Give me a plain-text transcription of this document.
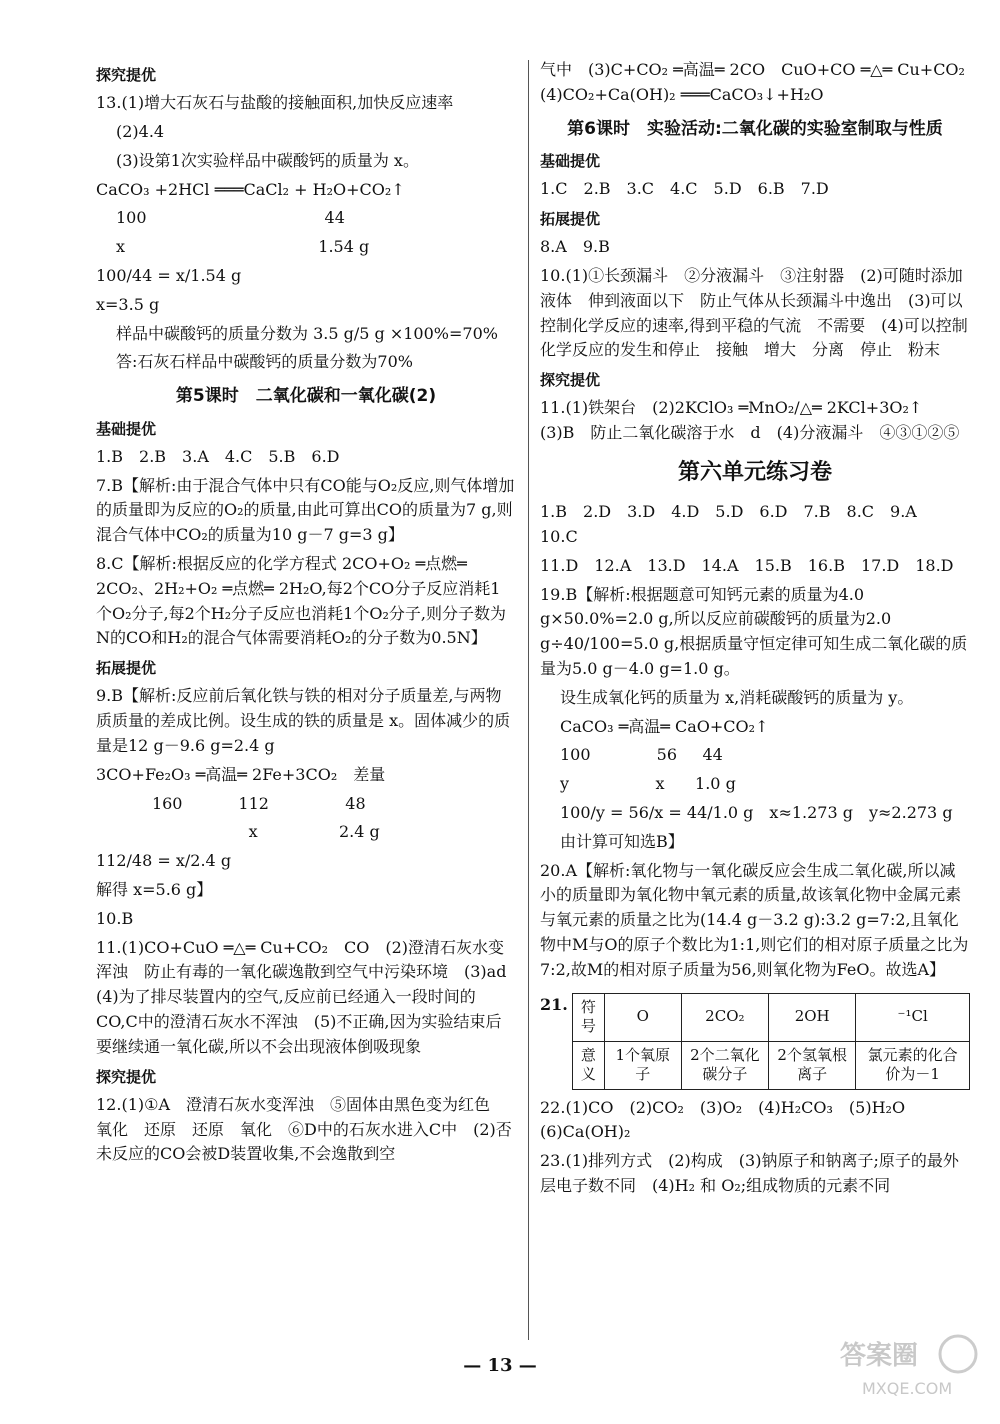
探究提优

13.(1)增大石灰石与盐酸的接触面积,加快反应速率

(2)4.4

(3)设第1次实验样品中碳酸钙的质量为 x。

CaCO₃ +2HCl ═══CaCl₂ + H₂O+CO₂↑

100                                   44

x                                      1.54 g

100/44 = x/1.54 g

x=3.5 g

样品中碳酸钙的质量分数为 3.5 g/5 g ×100%=70%

答:石灰石样品中碳酸钙的质量分数为70%

第5课时　二氧化碳和一氧化碳(2)
基础提优

1.B　2.B　3.A　4.C　5.B　6.D

7.B【解析:由于混合气体中只有CO能与O₂反应,则气体增加的质量即为反应的O₂的质量,由此可算出CO的质量为7 g,则混合气体中CO₂的质量为10 g－7 g=3 g】

8.C【解析:根据反应的化学方程式 2CO+O₂ ═点燃═ 2CO₂、2H₂+O₂ ═点燃═ 2H₂O,每2个CO分子反应消耗1个O₂分子,每2个H₂分子反应也消耗1个O₂分子,则分子数为N的CO和H₂的混合气体需要消耗O₂的分子数为0.5N】

拓展提优

9.B【解析:反应前后氧化铁与铁的相对分子质量差,与两物质质量的差成比例。设生成的铁的质量是 x。固体减少的质量是12 g－9.6 g=2.4 g

3CO+Fe₂O₃ ═高温═ 2Fe+3CO₂　差量

160           112               48

x                2.4 g

112/48 = x/2.4 g

解得 x=5.6 g】

10.B

11.(1)CO+CuO ═△═ Cu+CO₂　CO　(2)澄清石灰水变浑浊　防止有毒的一氧化碳逸散到空气中污染环境　(3)ad　(4)为了排尽装置内的空气,反应前已经通入一段时间的CO,C中的澄清石灰水不浑浊　(5)不正确,因为实验结束后要继续通一氧化碳,所以不会出现液体倒吸现象

探究提优

12.(1)①A　澄清石灰水变浑浊　⑤固体由黑色变为红色　氧化　还原　还原　氧化　⑥D中的石灰水进入C中　(2)否　未反应的CO会被D装置收集,不会逸散到空

气中　(3)C+CO₂ ═高温═ 2CO　CuO+CO ═△═ Cu+CO₂　(4)CO₂+Ca(OH)₂ ═══CaCO₃↓+H₂O

第6课时　实验活动:二氧化碳的实验室制取与性质
基础提优

1.C　2.B　3.C　4.C　5.D　6.B　7.D

拓展提优

8.A　9.B

10.(1)①长颈漏斗　②分液漏斗　③注射器　(2)可随时添加液体　伸到液面以下　防止气体从长颈漏斗中逸出　(3)可以控制化学反应的速率,得到平稳的气流　不需要　(4)可以控制化学反应的发生和停止　接触　增大　分离　停止　粉末

探究提优

11.(1)铁架台　(2)2KClO₃ ═MnO₂/△═ 2KCl+3O₂↑　(3)B　防止二氧化碳溶于水　d　(4)分液漏斗　④③①②⑤

第六单元练习卷

1.B　2.D　3.D　4.D　5.D　6.D　7.B　8.C　9.A　10.C

11.D　12.A　13.D　14.A　15.B　16.B　17.D　18.D

19.B【解析:根据题意可知钙元素的质量为4.0 g×50.0%=2.0 g,所以反应前碳酸钙的质量为2.0 g÷40/100=5.0 g,根据质量守恒定律可知生成二氧化碳的质量为5.0 g－4.0 g=1.0 g。

设生成氧化钙的质量为 x,消耗碳酸钙的质量为 y。

CaCO₃ ═高温═ CaO+CO₂↑

100             56     44

y                 x      1.0 g

100/y = 56/x = 44/1.0 g　x≈1.273 g　y≈2.273 g

由计算可知选B】

20.A【解析:氧化物与一氧化碳反应会生成二氧化碳,所以减小的质量即为氧化物中氧元素的质量,故该氧化物中金属元素与氧元素的质量之比为(14.4 g－3.2 g):3.2 g=7:2,且氧化物中M与O的原子个数比为1:1,则它们的相对原子质量之比为7:2,故M的相对原子质量为56,则氧化物为FeO。故选A】

21. 符号	O	2CO₂	2OH	⁻¹Cl
意义	1个氧原子	2个二氧化碳分子	2个氢氧根离子	氯元素的化合价为－1

22.(1)CO　(2)CO₂　(3)O₂　(4)H₂CO₃　(5)H₂O　(6)Ca(OH)₂

23.(1)排列方式　(2)构成　(3)钠原子和钠离子;原子的最外层电子数不同　(4)H₂ 和 O₂;组成物质的元素不同

— 13 —	答案圈
MXQE.COM
